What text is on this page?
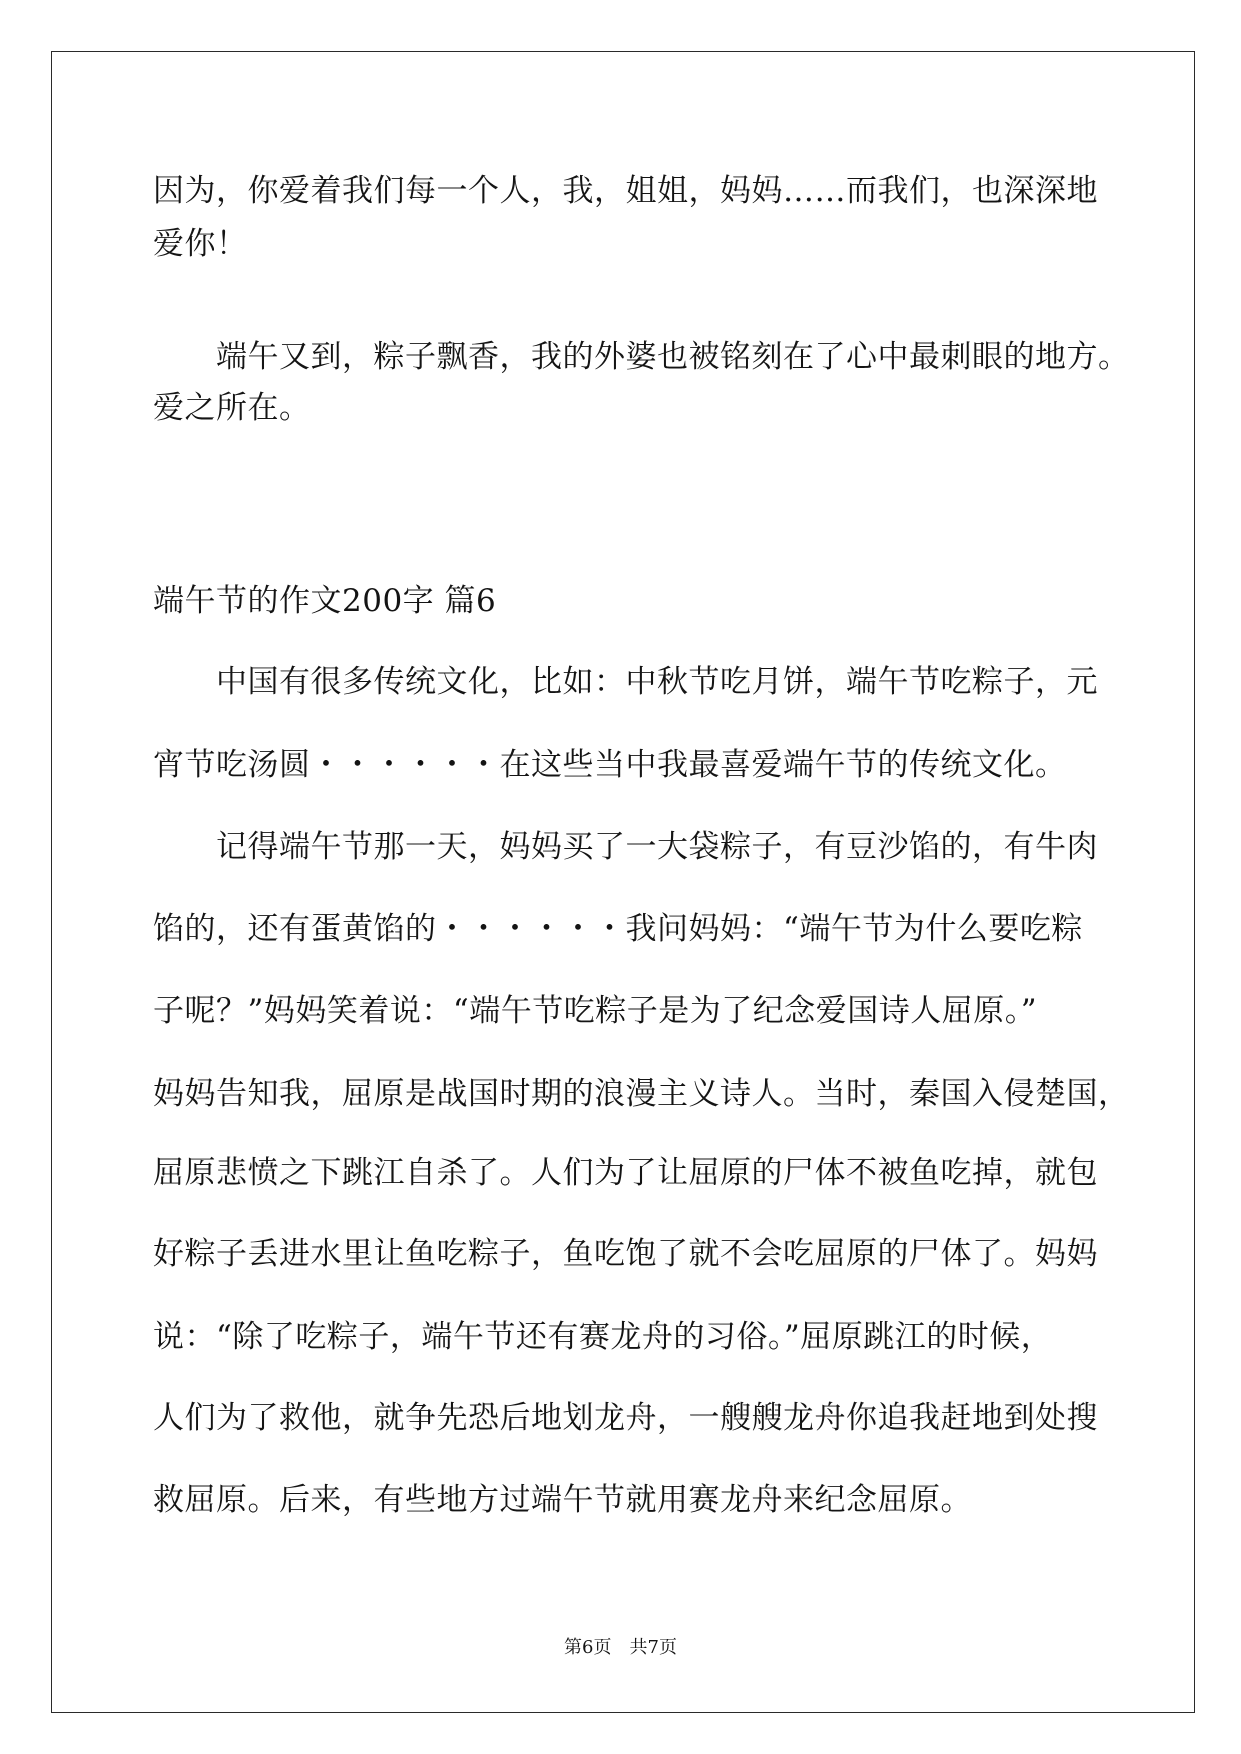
因为，你爱着我们每一个人，我，姐姐，妈妈……而我们，也深深地
爱你！
端午又到，粽子飘香，我的外婆也被铭刻在了心中最刺眼的地方。
爱之所在。
端午节的作文200字 篇6
中国有很多传统文化，比如：中秋节吃月饼，端午节吃粽子，元
宵节吃汤圆・・・・・・在这些当中我最喜爱端午节的传统文化。
记得端午节那一天，妈妈买了一大袋粽子，有豆沙馅的，有牛肉
馅的，还有蛋黄馅的・・・・・・我问妈妈：“端午节为什么要吃粽
子呢？”妈妈笑着说：“端午节吃粽子是为了纪念爱国诗人屈原。”
妈妈告知我，屈原是战国时期的浪漫主义诗人。当时，秦国入侵楚国，
屈原悲愤之下跳江自杀了。人们为了让屈原的尸体不被鱼吃掉，就包
好粽子丢进水里让鱼吃粽子，鱼吃饱了就不会吃屈原的尸体了。妈妈
说：“除了吃粽子，端午节还有赛龙舟的习俗。”屈原跳江的时候，
人们为了救他，就争先恐后地划龙舟，一艘艘龙舟你追我赶地到处搜
救屈原。后来，有些地方过端午节就用赛龙舟来纪念屈原。
第6页 共7页
